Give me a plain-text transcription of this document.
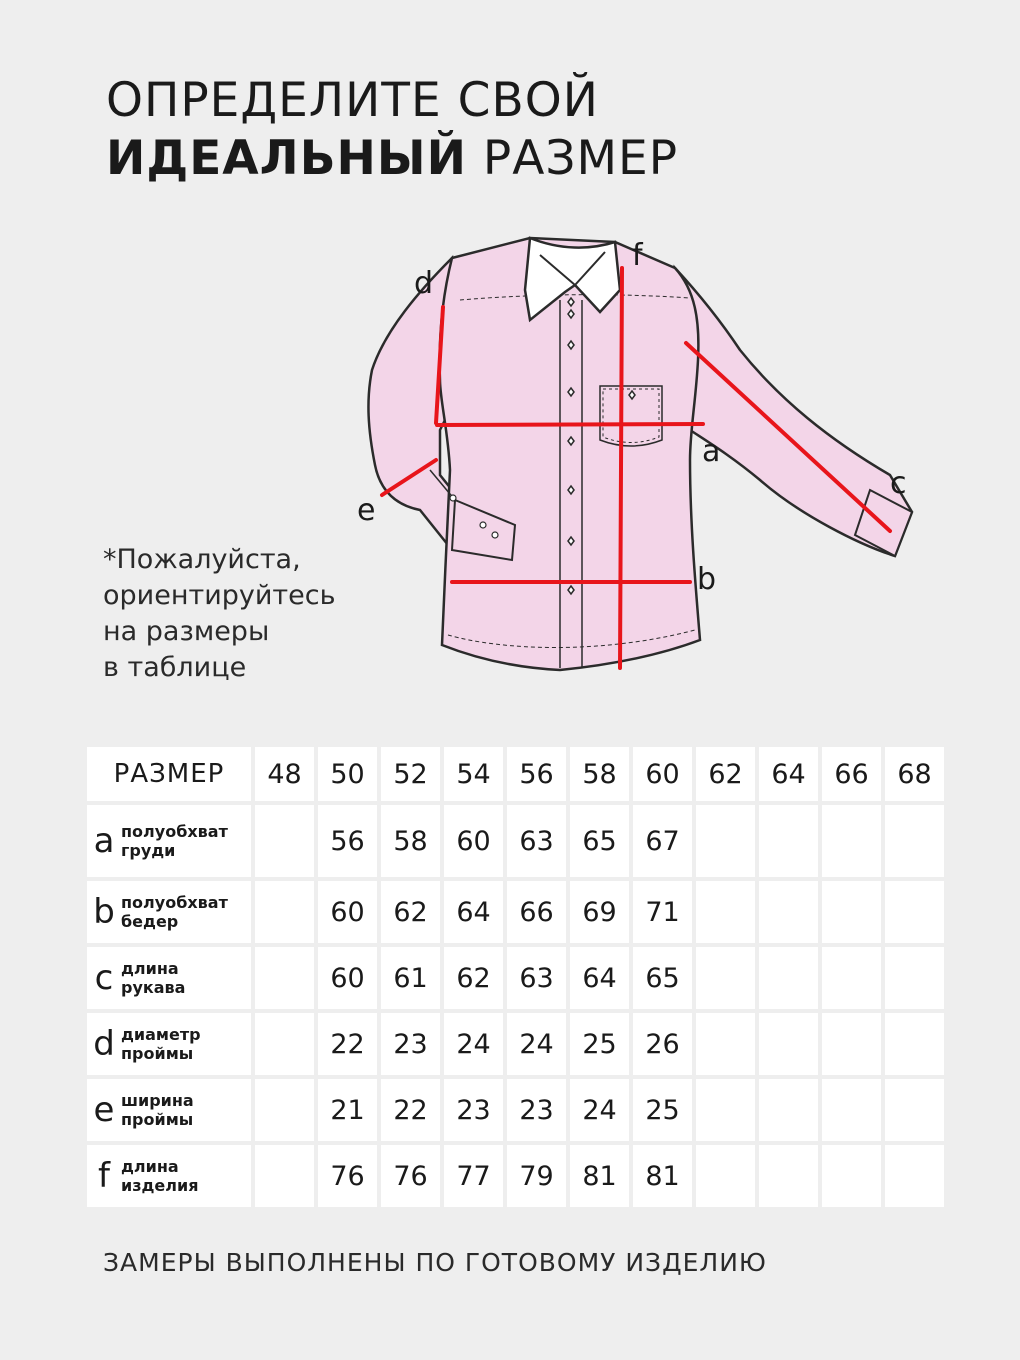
ОПРЕДЕЛИТЕ СВОЙ
ИДЕАЛЬНЫЙ РАЗМЕР
*Пожалуйста,
ориентируйтесь
на размеры
в таблице
d
f
a
c
e
b
РАЗМЕР	48	50	52	54	56	58	60	62	64	66	68

a полуобхват
груди		56	58	60	63	65	67				

b полуобхват
бедер		60	62	64	66	69	71				

c длина
рукава		60	61	62	63	64	65				

d диаметр
проймы		22	23	24	24	25	26				

e ширина
проймы		21	22	23	23	24	25				

f длина
изделия		76	76	77	79	81	81				
ЗАМЕРЫ ВЫПОЛНЕНЫ ПО ГОТОВОМУ ИЗДЕЛИЮ
